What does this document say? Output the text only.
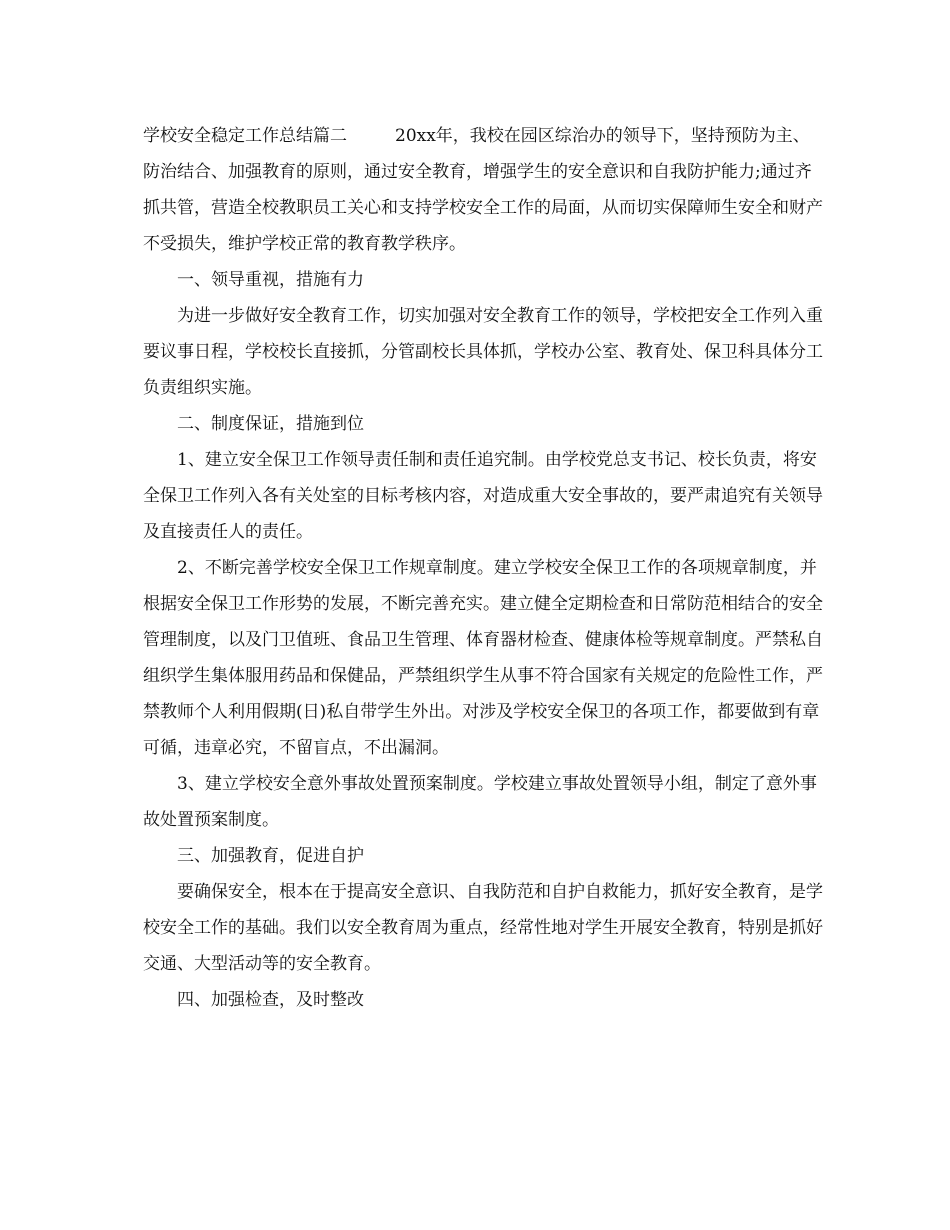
学校安全稳定工作总结篇二	20xx年，我校在园区综治办的领导下，坚持预防为主、防治结合、加强教育的原则，通过安全教育，增强学生的安全意识和自我防护能力;通过齐抓共管，营造全校教职员工关心和支持学校安全工作的局面，从而切实保障师生安全和财产不受损失，维护学校正常的教育教学秩序。

一、领导重视，措施有力

为进一步做好安全教育工作，切实加强对安全教育工作的领导，学校把安全工作列入重要议事日程，学校校长直接抓，分管副校长具体抓，学校办公室、教育处、保卫科具体分工负责组织实施。

二、制度保证，措施到位

1、建立安全保卫工作领导责任制和责任追究制。由学校党总支书记、校长负责，将安全保卫工作列入各有关处室的目标考核内容，对造成重大安全事故的，要严肃追究有关领导及直接责任人的责任。

2、不断完善学校安全保卫工作规章制度。建立学校安全保卫工作的各项规章制度，并根据安全保卫工作形势的发展，不断完善充实。建立健全定期检查和日常防范相结合的安全管理制度，以及门卫值班、食品卫生管理、体育器材检查、健康体检等规章制度。严禁私自组织学生集体服用药品和保健品，严禁组织学生从事不符合国家有关规定的危险性工作，严禁教师个人利用假期(日)私自带学生外出。对涉及学校安全保卫的各项工作，都要做到有章可循，违章必究，不留盲点，不出漏洞。

3、建立学校安全意外事故处置预案制度。学校建立事故处置领导小组，制定了意外事故处置预案制度。

三、加强教育，促进自护

要确保安全，根本在于提高安全意识、自我防范和自护自救能力，抓好安全教育，是学校安全工作的基础。我们以安全教育周为重点，经常性地对学生开展安全教育，特别是抓好交通、大型活动等的安全教育。

四、加强检查，及时整改
